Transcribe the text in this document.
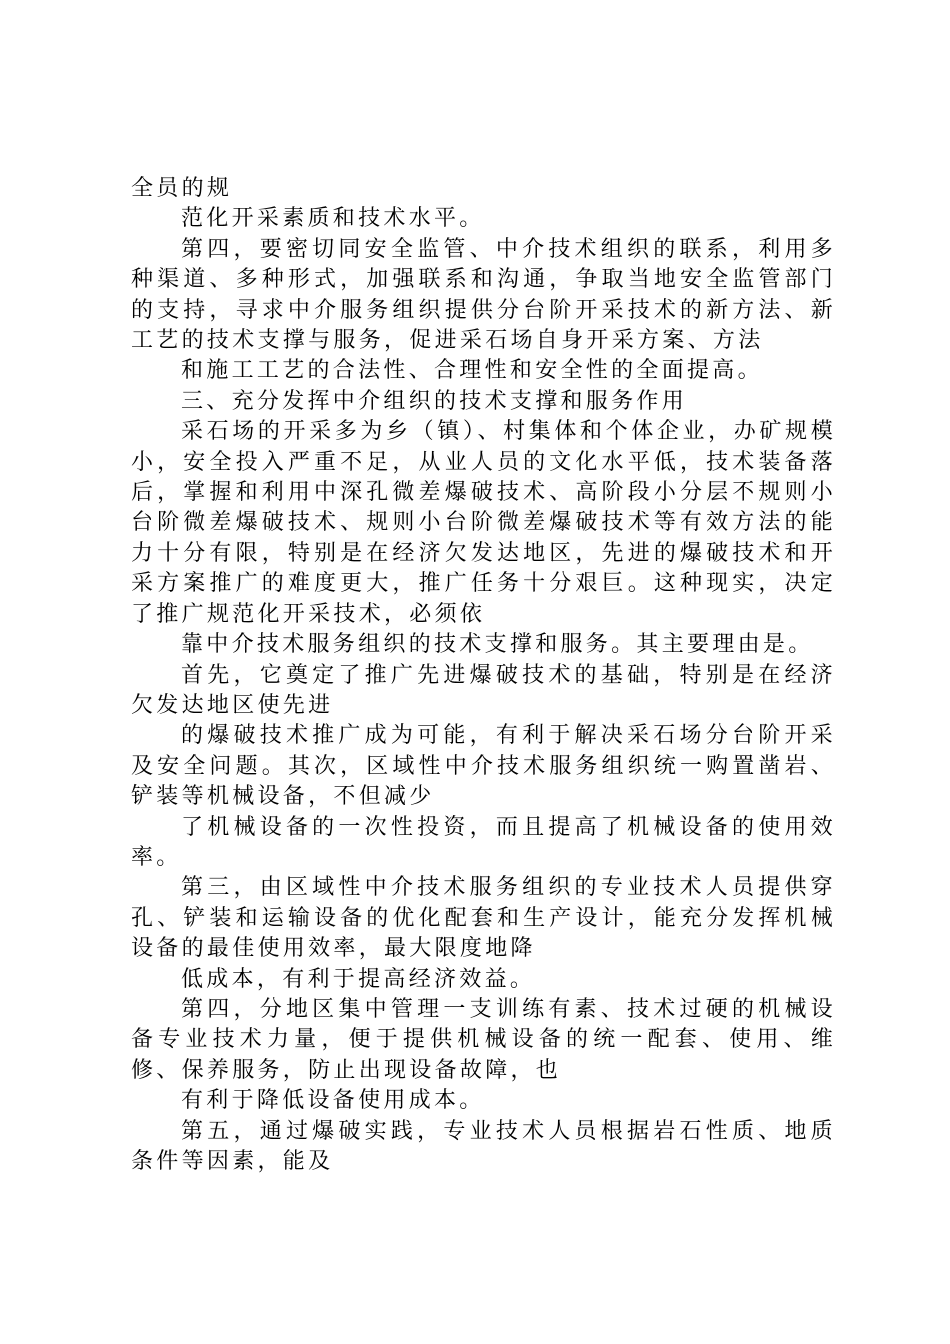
全员的规

范化开采素质和技术水平。

第四，要密切同安全监管、中介技术组织的联系，利用多种渠道、多种形式，加强联系和沟通，争取当地安全监管部门的支持，寻求中介服务组织提供分台阶开采技术的新方法、新工艺的技术支撑与服务，促进采石场自身开采方案、方法

和施工工艺的合法性、合理性和安全性的全面提高。

三、充分发挥中介组织的技术支撑和服务作用

采石场的开采多为乡（镇）、村集体和个体企业，办矿规模小，安全投入严重不足，从业人员的文化水平低，技术装备落后，掌握和利用中深孔微差爆破技术、高阶段小分层不规则小台阶微差爆破技术、规则小台阶微差爆破技术等有效方法的能力十分有限，特别是在经济欠发达地区，先进的爆破技术和开采方案推广的难度更大，推广任务十分艰巨。这种现实，决定了推广规范化开采技术，必须依

靠中介技术服务组织的技术支撑和服务。其主要理由是。

首先，它奠定了推广先进爆破技术的基础，特别是在经济欠发达地区使先进

的爆破技术推广成为可能，有利于解决采石场分台阶开采及安全问题。其次，区域性中介技术服务组织统一购置凿岩、铲装等机械设备，不但减少

了机械设备的一次性投资，而且提高了机械设备的使用效率。

第三，由区域性中介技术服务组织的专业技术人员提供穿孔、铲装和运输设备的优化配套和生产设计，能充分发挥机械设备的最佳使用效率，最大限度地降

低成本，有利于提高经济效益。

第四，分地区集中管理一支训练有素、技术过硬的机械设备专业技术力量，便于提供机械设备的统一配套、使用、维修、保养服务，防止出现设备故障，也

有利于降低设备使用成本。

第五，通过爆破实践，专业技术人员根据岩石性质、地质条件等因素，能及
